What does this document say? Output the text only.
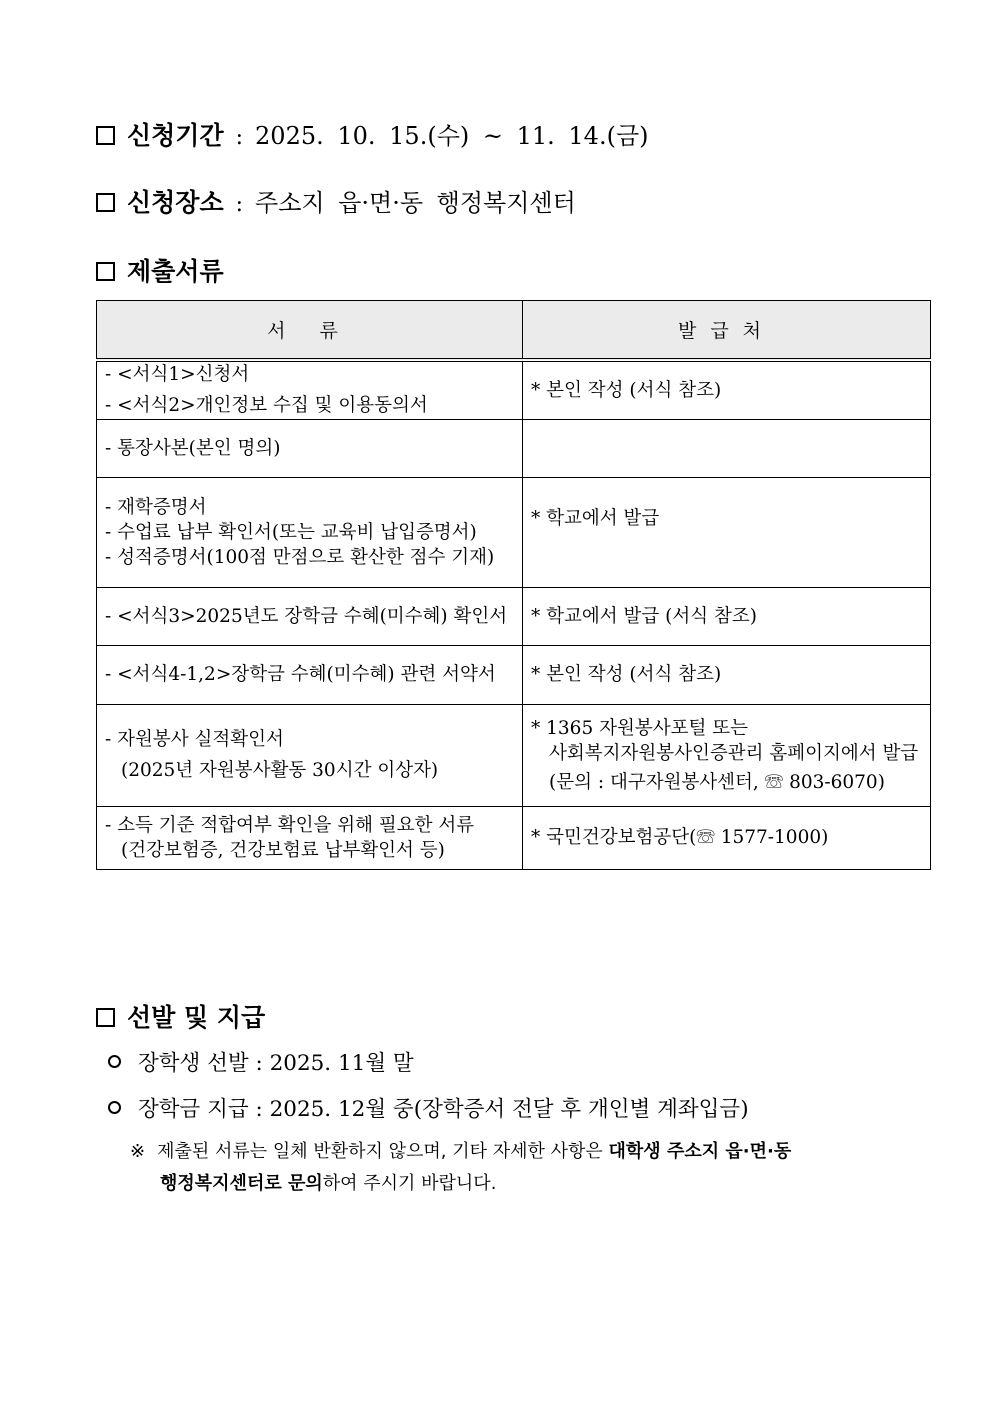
신청기간 : 2025. 10. 15.(수) ~ 11. 14.(금)
신청장소 : 주소지 읍·면·동 행정복지센터
제출서류
서 류	발급처

- <서식1>신청서
- <서식2>개인정보 수집 및 이용동의서	* 본인 작성 (서식 참조)

- 통장사본(본인 명의)	

- 재학증명서
- 수업료 납부 확인서(또는 교육비 납입증명서)
- 성적증명서(100점 만점으로 환산한 점수 기재)	* 학교에서 발급

- <서식3>2025년도 장학금 수혜(미수혜) 확인서	* 학교에서 발급 (서식 참조)

- <서식4-1,2>장학금 수혜(미수혜) 관련 서약서	* 본인 작성 (서식 참조)

- 자원봉사 실적확인서
(2025년 자원봉사활동 30시간 이상자)	* 1365 자원봉사포털 또는
사회복지자원봉사인증관리 홈페이지에서 발급
(문의 : 대구자원봉사센터, ☏ 803-6070)

- 소득 기준 적합여부 확인을 위해 필요한 서류
(건강보험증, 건강보험료 납부확인서 등)	* 국민건강보험공단(☏ 1577-1000)
선발 및 지급
장학생 선발 : 2025. 11월 말
장학금 지급 : 2025. 12월 중(장학증서 전달 후 개인별 계좌입금)
※ 제출된 서류는 일체 반환하지 않으며, 기타 자세한 사항은 대학생 주소지 읍·면·동
행정복지센터로 문의하여 주시기 바랍니다.
